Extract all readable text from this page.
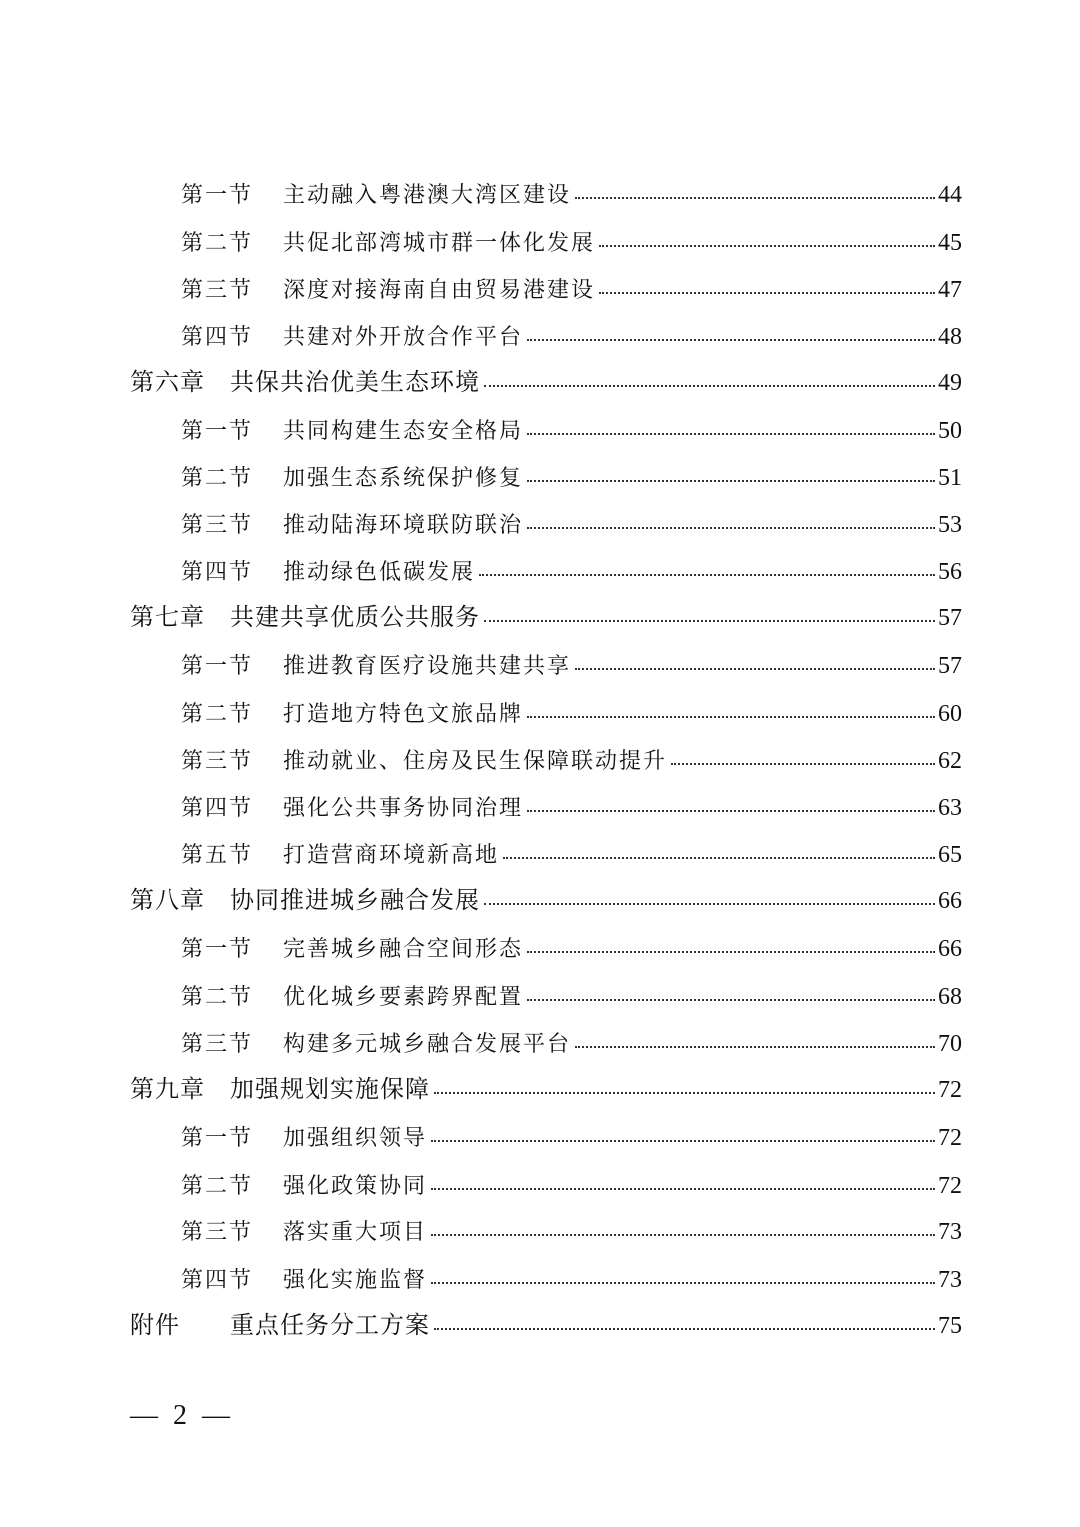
第一节	主动融入粤港澳大湾区建设	44
第二节	共促北部湾城市群一体化发展	45
第三节	深度对接海南自由贸易港建设	47
第四节	共建对外开放合作平台	48
第六章	共保共治优美生态环境	49
第一节	共同构建生态安全格局	50
第二节	加强生态系统保护修复	51
第三节	推动陆海环境联防联治	53
第四节	推动绿色低碳发展	56
第七章	共建共享优质公共服务	57
第一节	推进教育医疗设施共建共享	57
第二节	打造地方特色文旅品牌	60
第三节	推动就业、住房及民生保障联动提升	62
第四节	强化公共事务协同治理	63
第五节	打造营商环境新高地	65
第八章	协同推进城乡融合发展	66
第一节	完善城乡融合空间形态	66
第二节	优化城乡要素跨界配置	68
第三节	构建多元城乡融合发展平台	70
第九章	加强规划实施保障	72
第一节	加强组织领导	72
第二节	强化政策协同	72
第三节	落实重大项目	73
第四节	强化实施监督	73
附件	重点任务分工方案	75
— 2 —
